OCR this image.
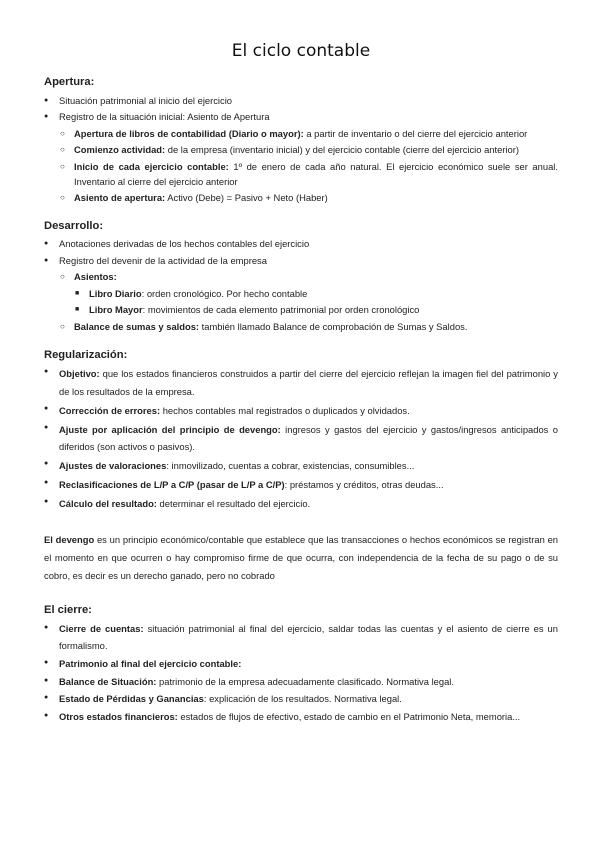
El ciclo contable

Apertura:

● Situación patrimonial al inicio del ejercicio
● Registro de la situación inicial: Asiento de Apertura
○ Apertura de libros de contabilidad (Diario o mayor): a partir de inventario o del cierre del ejercicio anterior
○ Comienzo actividad: de la empresa (inventario inicial) y del ejercicio contable (cierre del ejercicio anterior)
○ Inicio de cada ejercicio contable: 1º de enero de cada año natural. El ejercicio económico suele ser anual. Inventario al cierre del ejercicio anterior
○ Asiento de apertura: Activo (Debe) = Pasivo + Neto (Haber)

Desarrollo:

● Anotaciones derivadas de los hechos contables del ejercicio
● Registro del devenir de la actividad de la empresa
○ Asientos:
■ Libro Diario: orden cronológico. Por hecho contable
■ Libro Mayor: movimientos de cada elemento patrimonial por orden cronológico
○ Balance de sumas y saldos: también llamado Balance de comprobación de Sumas y Saldos.

Regularización:

● Objetivo: que los estados financieros construidos a partir del cierre del ejercicio reflejan la imagen fiel del patrimonio y de los resultados de la empresa.
● Corrección de errores: hechos contables mal registrados o duplicados y olvidados.
● Ajuste por aplicación del principio de devengo: ingresos y gastos del ejercicio y gastos/ingresos anticipados o diferidos (son activos o pasivos).
● Ajustes de valoraciones: inmovilizado, cuentas a cobrar, existencias, consumibles...
● Reclasificaciones de L/P a C/P (pasar de L/P a C/P): préstamos y créditos, otras deudas...
● Cálculo del resultado: determinar el resultado del ejercicio.

El devengo es un principio económico/contable que establece que las transacciones o hechos económicos se registran en el momento en que ocurren o hay compromiso firme de que ocurra, con independencia de la fecha de su pago o de su cobro, es decir es un derecho ganado, pero no cobrado

El cierre:

● Cierre de cuentas: situación patrimonial al final del ejercicio, saldar todas las cuentas y el asiento de cierre es un formalismo.
● Patrimonio al final del ejercicio contable:
● Balance de Situación: patrimonio de la empresa adecuadamente clasificado. Normativa legal.
● Estado de Pérdidas y Ganancias: explicación de los resultados. Normativa legal.
● Otros estados financieros: estados de flujos de efectivo, estado de cambio en el Patrimonio Neta, memoria...
